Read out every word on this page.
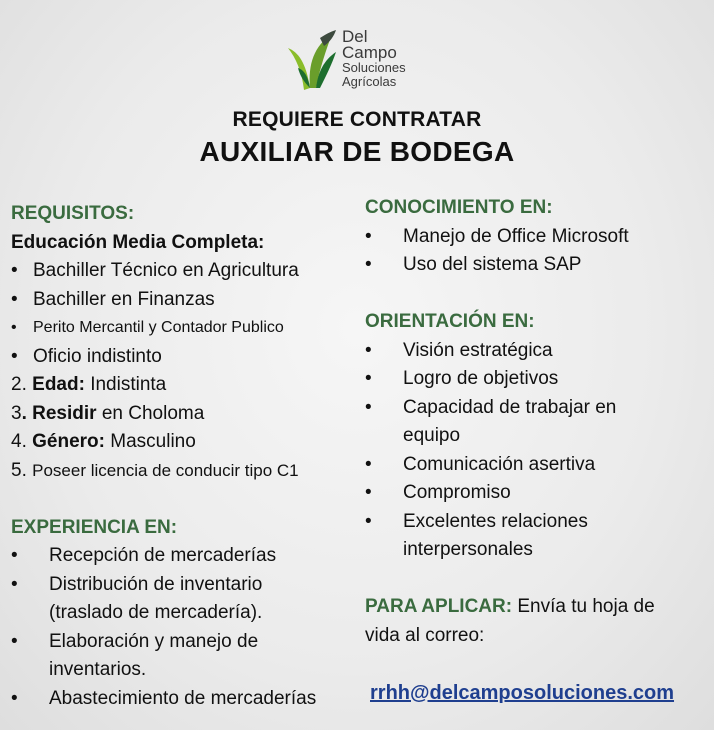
Del
Campo
Soluciones
Agrícolas
REQUIERE CONTRATAR
AUXILIAR DE BODEGA
REQUISITOS:
Educación Media Completa:
• Bachiller Técnico en Agricultura
• Bachiller en Finanzas
• Perito Mercantil y Contador Publico
• Oficio indistinto
2. Edad: Indistinta
3. Residir en Choloma
4. Género: Masculino
5. Poseer licencia de conducir tipo C1
EXPERIENCIA EN:
• Recepción de mercaderías
• Distribución de inventario
(traslado de mercadería).
• Elaboración y manejo de
inventarios.
• Abastecimiento de mercaderías
CONOCIMIENTO EN:
• Manejo de Office Microsoft
• Uso del sistema SAP
ORIENTACIÓN EN:
• Visión estratégica
• Logro de objetivos
• Capacidad de trabajar en
equipo
• Comunicación asertiva
• Compromiso
• Excelentes relaciones
interpersonales
PARA APLICAR: Envía tu hoja de
vida al correo:
rrhh@delcamposoluciones.com
